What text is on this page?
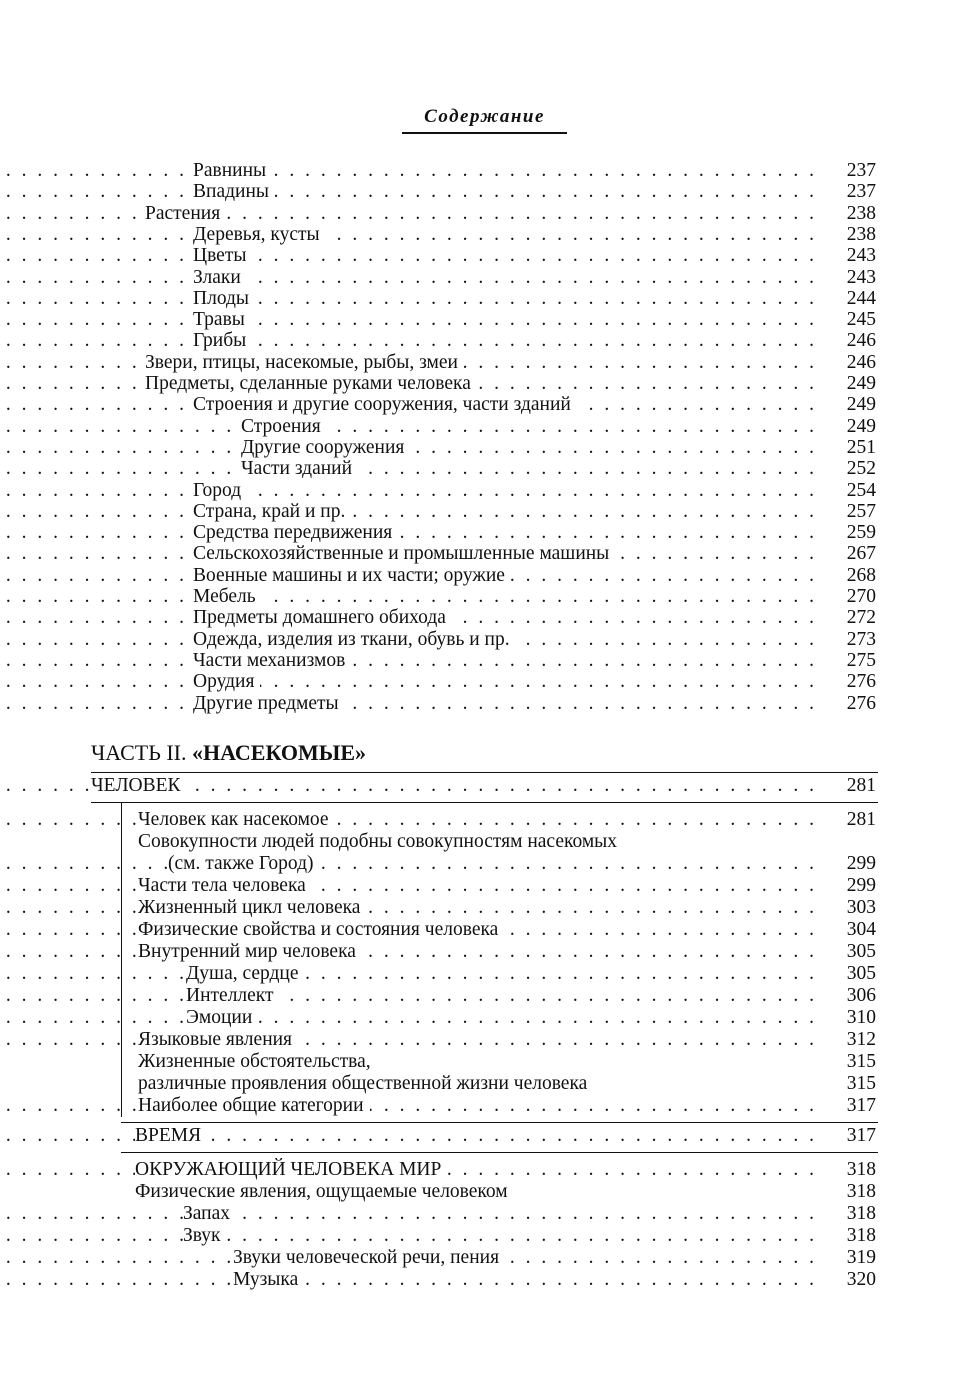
Содержание
. . .
Равнины	237
. . .
Впадины	237
. . .
Растения	238
. . .
Деревья, кусты	238
. . .
Цветы	243
. . .
Злаки	243
. . .
Плоды	244
. . .
Травы	245
. . .
Грибы	246
. . .
Звери, птицы, насекомые, рыбы, змеи	246
. . .
Предметы, сделанные руками человека	249
. . .
Строения и другие сооружения, части зданий	249
. . .
Строения	249
. . .
Другие сооружения	251
. . .
Части зданий	252
. . .
Город	254
. . .
Страна, край и пр.	257
. . .
Средства передвижения	259
. . .
Сельскохозяйственные и промышленные машины	267
. . .
Военные машины и их части; оружие	268
. . .
Мебель	270
. . .
Предметы домашнего обихода	272
. . .
Одежда, изделия из ткани, обувь и пр.	273
. . .
Части механизмов	275
. . .
Орудия	276
. . .
Другие предметы	276
ЧАСТЬ II. «НАСЕКОМЫЕ»
. . .
ЧЕЛОВЕК	281
. . .
Человек как насекомое	281
Совокупности людей подобны совокупностям насекомых
. . .
(см. также Город)	299
. . .
Части тела человека	299
. . .
Жизненный цикл человека	303
. . .
Физические свойства и состояния человека	304
. . .
Внутренний мир человека	305
. . .
Душа, сердце	305
. . .
Интеллект	306
. . .
Эмоции	310
. . .
Языковые явления	312
Жизненные обстоятельства,	315
различные проявления общественной жизни человека	315
. . .
Наиболее общие категории	317
. . .
ВРЕМЯ	317
. . .
ОКРУЖАЮЩИЙ ЧЕЛОВЕКА МИР	318
Физические явления, ощущаемые человеком	318
. . .
Запах	318
. . .
Звук	318
. . .
Звуки человеческой речи, пения	319
. . .
Музыка	320
